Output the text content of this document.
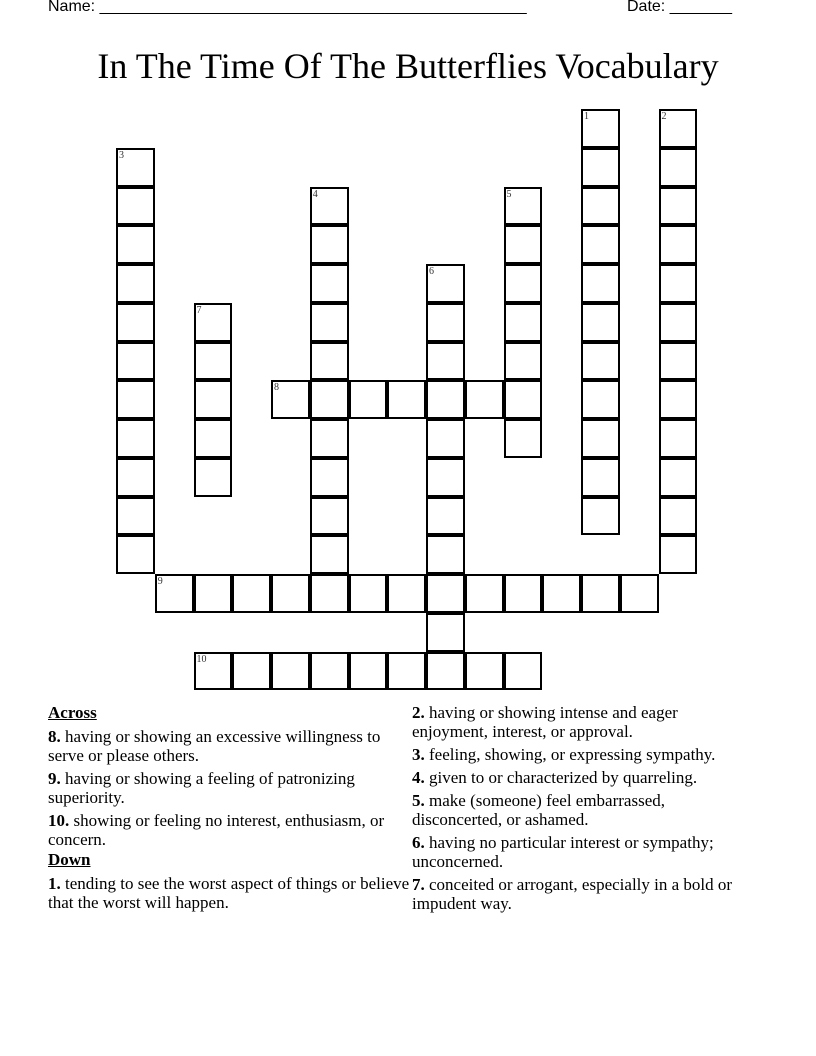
Name: ________________________________________________	Date: _______
In The Time Of The Butterflies Vocabulary
1	2
3
4	5
6
7
8
9
10
Across
8. having or showing an excessive willingness to serve or please others.
9. having or showing a feeling of patronizing superiority.
10. showing or feeling no interest, enthusiasm, or concern.
Down
1. tending to see the worst aspect of things or believe that the worst will happen.
2. having or showing intense and eager enjoyment, interest, or approval.
3. feeling, showing, or expressing sympathy.
4. given to or characterized by quarreling.
5. make (someone) feel embarrassed, disconcerted, or ashamed.
6. having no particular interest or sympathy; unconcerned.
7. conceited or arrogant, especially in a bold or impudent way.
